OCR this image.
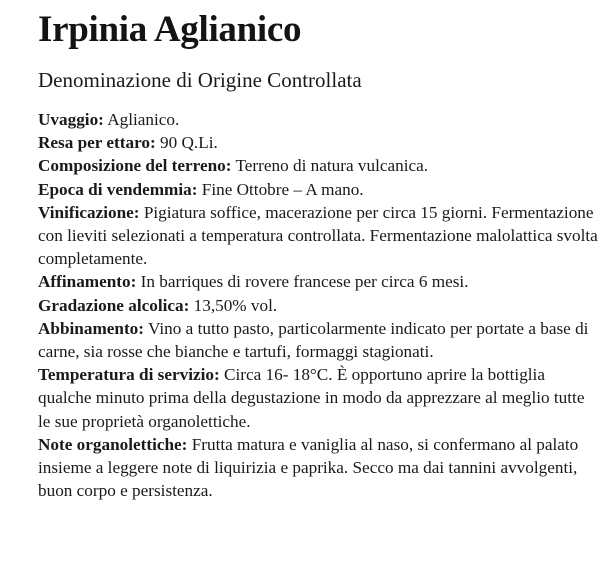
Irpinia Aglianico
Denominazione di Origine Controllata

Uvaggio: Aglianico.

Resa per ettaro: 90 Q.Li.

Composizione del terreno: Terreno di natura vulcanica.

Epoca di vendemmia: Fine Ottobre – A mano.

Vinificazione: Pigiatura soffice, macerazione per circa 15 giorni. Fermentazione con lieviti selezionati a temperatura controllata. Fermentazione malolattica svolta completamente.

Affinamento: In barriques di rovere francese per circa 6 mesi.

Gradazione alcolica: 13,50% vol.

Abbinamento: Vino a tutto pasto, particolarmente indicato per portate a base di carne, sia rosse che bianche e tartufi, formaggi stagionati.

Temperatura di servizio: Circa 16- 18°C. È opportuno aprire la bottiglia qualche minuto prima della degustazione in modo da apprezzare al meglio tutte le sue proprietà organolettiche.

Note organolettiche: Frutta matura e vaniglia al naso, si confermano al palato insieme a leggere note di liquirizia e paprika. Secco ma dai tannini avvolgenti, buon corpo e persistenza.
